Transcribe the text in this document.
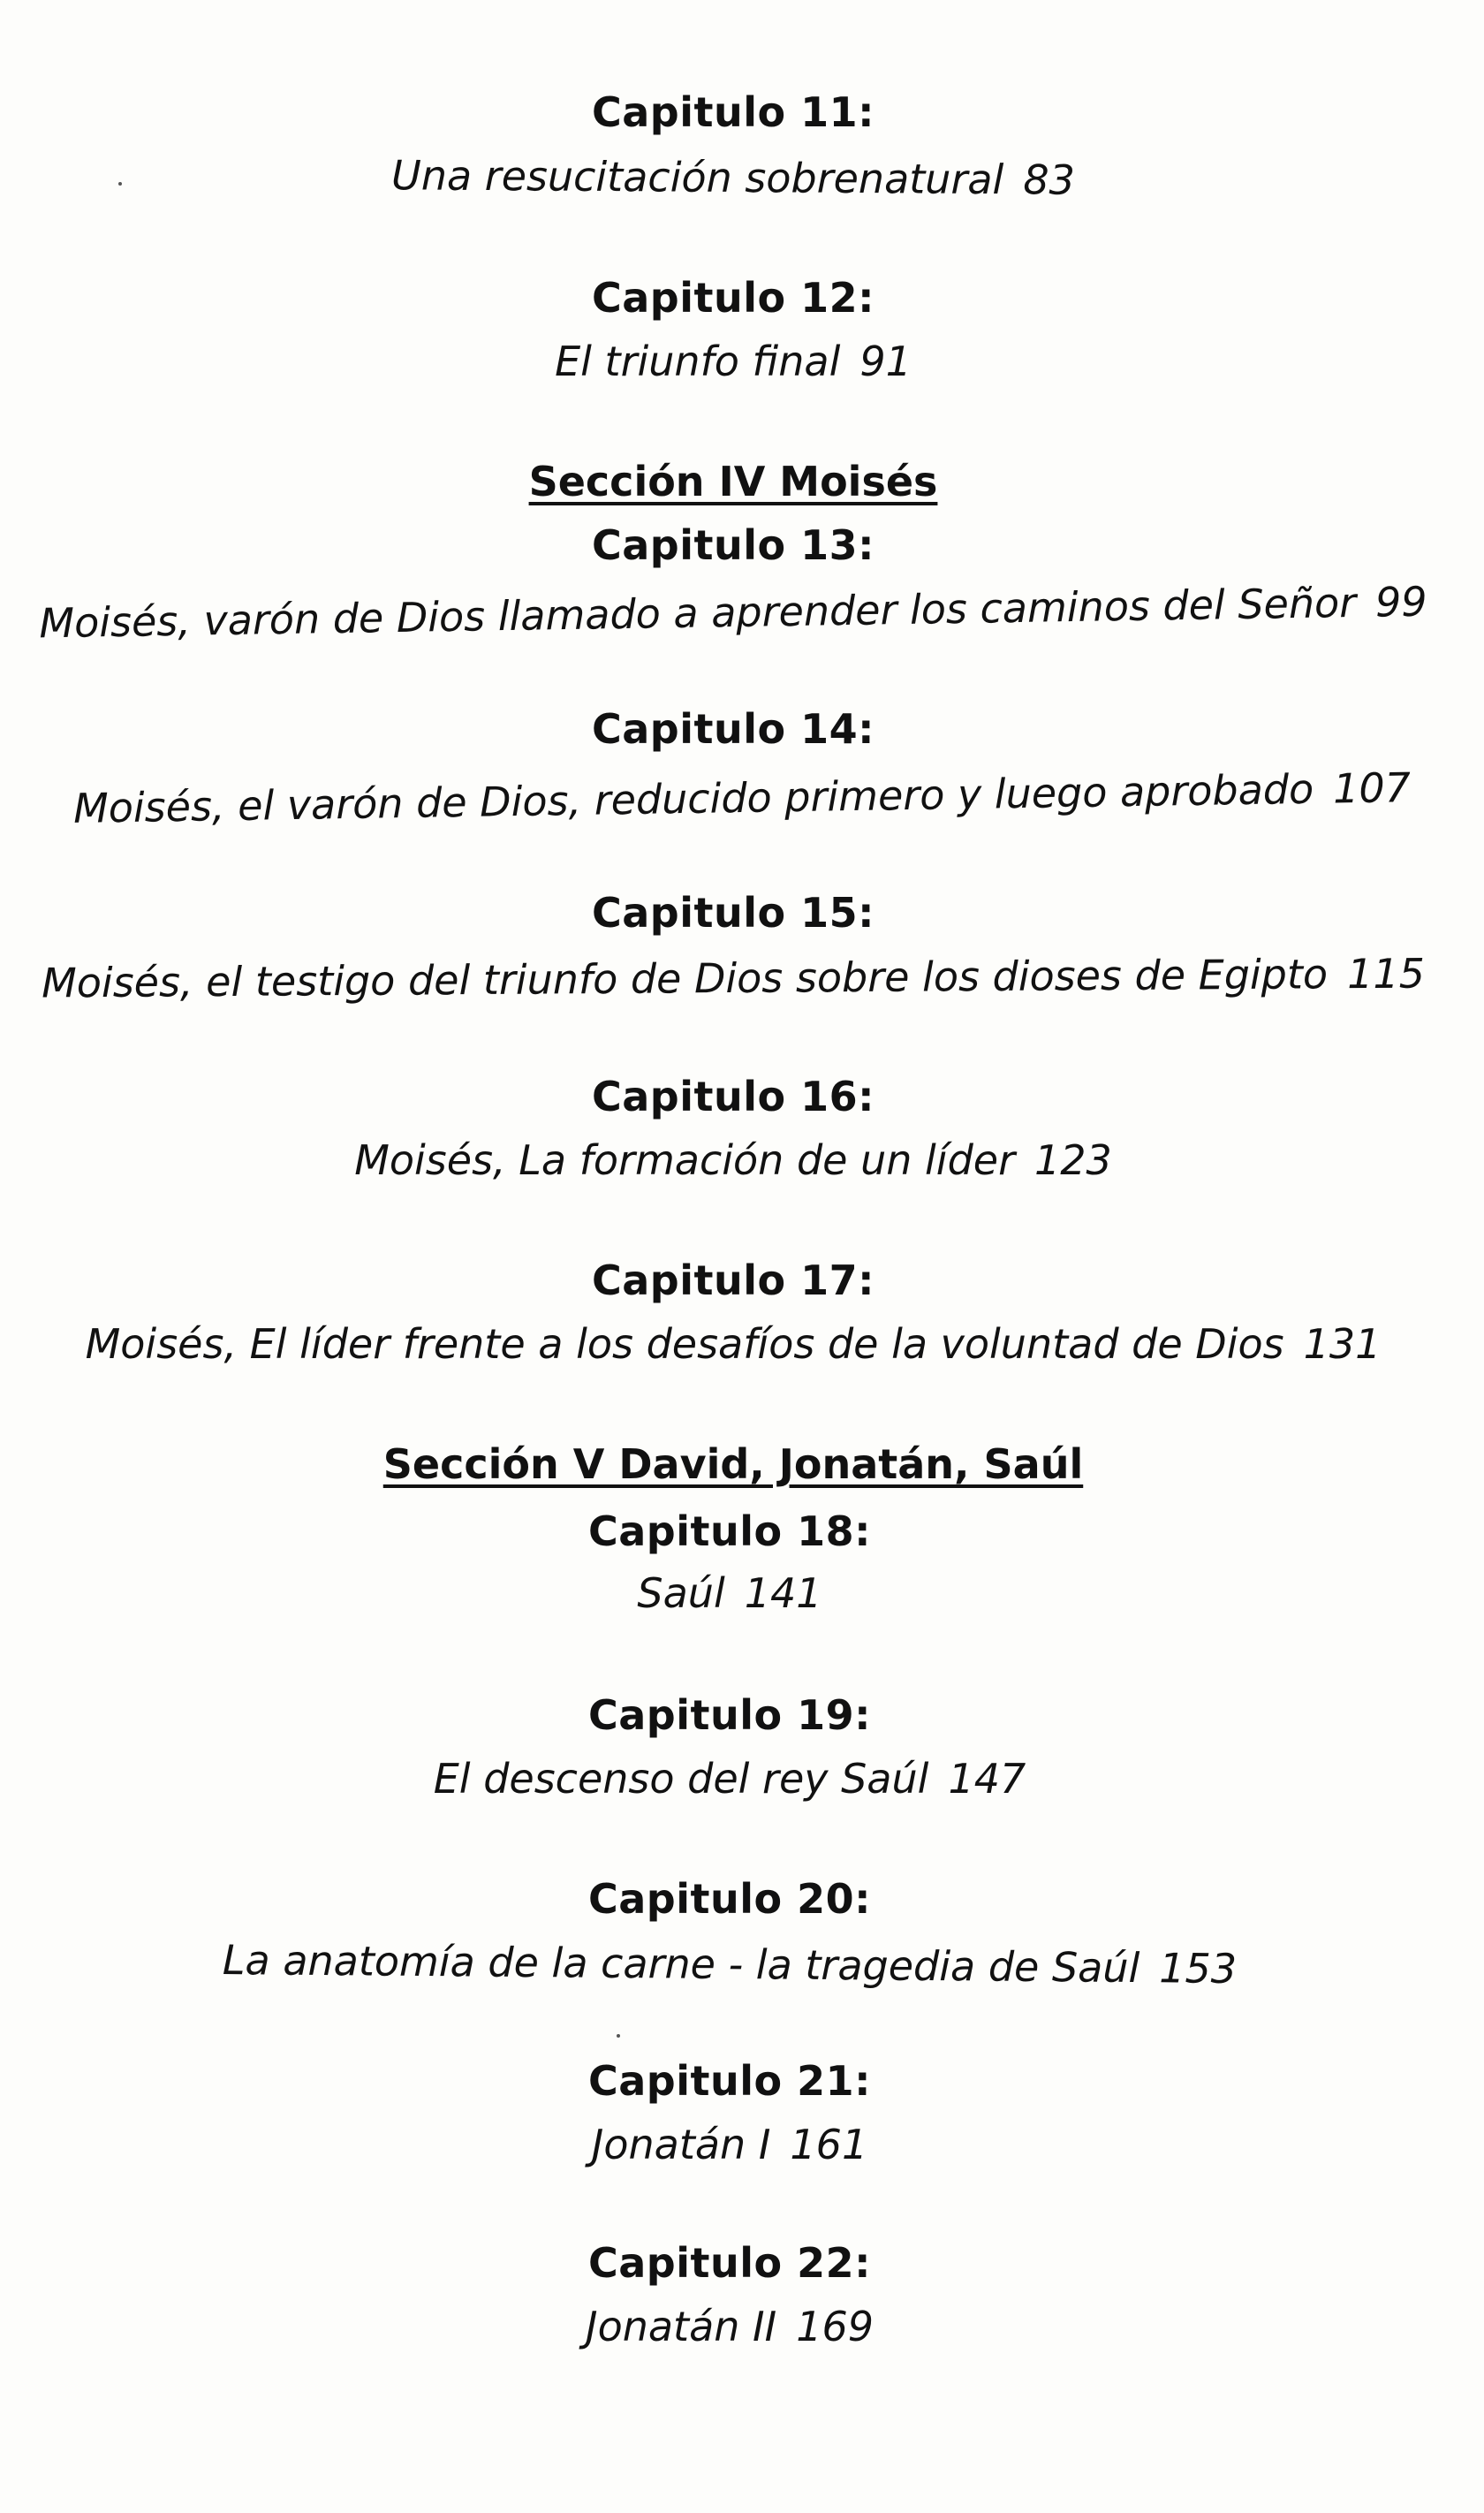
Capitulo 11:
Una resucitación sobrenatural 83
Capitulo 12:
El triunfo final 91
Sección IV Moisés
Capitulo 13:
Moisés, varón de Dios llamado a aprender los caminos del Señor 99
Capitulo 14:
Moisés, el varón de Dios, reducido primero y luego aprobado 107
Capitulo 15:
Moisés, el testigo del triunfo de Dios sobre los dioses de Egipto 115
Capitulo 16:
Moisés, La formación de un líder 123
Capitulo 17:
Moisés, El líder frente a los desafíos de la voluntad de Dios 131
Sección V David, Jonatán, Saúl
Capitulo 18:
Saúl 141
Capitulo 19:
El descenso del rey Saúl 147
Capitulo 20:
La anatomía de la carne - la tragedia de Saúl 153
Capitulo 21:
Jonatán I 161
Capitulo 22:
Jonatán II 169
